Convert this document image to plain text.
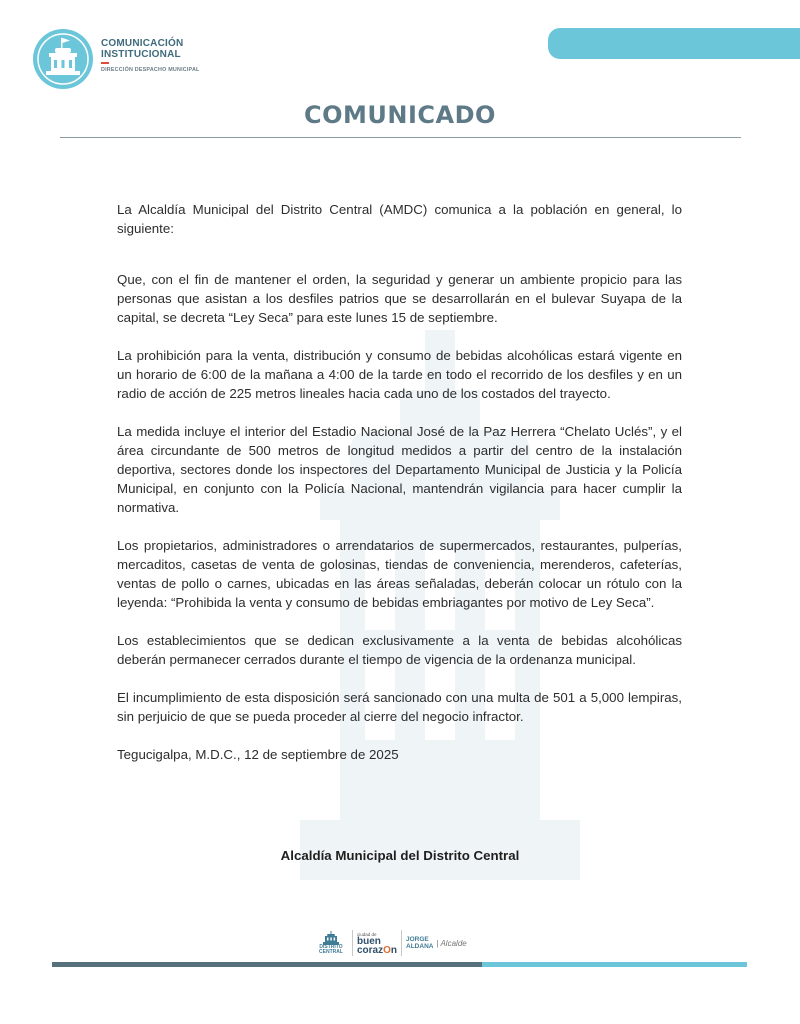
COMUNICACIÓN
INSTITUCIONAL
DIRECCIÓN DESPACHO MUNICIPAL
COMUNICADO

La Alcaldía Municipal del Distrito Central (AMDC) comunica a la población en general, lo siguiente:

Que, con el fin de mantener el orden, la seguridad y generar un ambiente propicio para las personas que asistan a los desfiles patrios que se desarrollarán en el bulevar Suyapa de la capital, se decreta “Ley Seca” para este lunes 15 de septiembre.

La prohibición para la venta, distribución y consumo de bebidas alcohólicas estará vigente en un horario de 6:00 de la mañana a 4:00 de la tarde en todo el recorrido de los desfiles y en un radio de acción de 225 metros lineales hacia cada uno de los costados del trayecto.

La medida incluye el interior del Estadio Nacional José de la Paz Herrera “Chelato Uclés”, y el área circundante de 500 metros de longitud medidos a partir del centro de la instalación deportiva, sectores donde los inspectores del Departamento Municipal de Justicia y la Policía Municipal, en conjunto con la Policía Nacional, mantendrán vigilancia para hacer cumplir la normativa.

Los propietarios, administradores o arrendatarios de supermercados, restaurantes, pulperías, mercaditos, casetas de venta de golosinas, tiendas de conveniencia, merenderos, cafeterías, ventas de pollo o carnes, ubicadas en las áreas señaladas, deberán colocar un rótulo con la leyenda: “Prohibida la venta y consumo de bebidas embriagantes por motivo de Ley Seca”.

Los establecimientos que se dedican exclusivamente a la venta de bebidas alcohólicas deberán permanecer cerrados durante el tiempo de vigencia de la ordenanza municipal.

El incumplimiento de esta disposición será sancionado con una multa de 501 a 5,000 lempiras, sin perjuicio de que se pueda proceder al cierre del negocio infractor.

Tegucigalpa, M.D.C., 12 de septiembre de 2025

Alcaldía Municipal del Distrito Central
DISTRITO
CENTRAL
ciudad de
buen
corazOn
JORGE
ALDANA | Alcalde
